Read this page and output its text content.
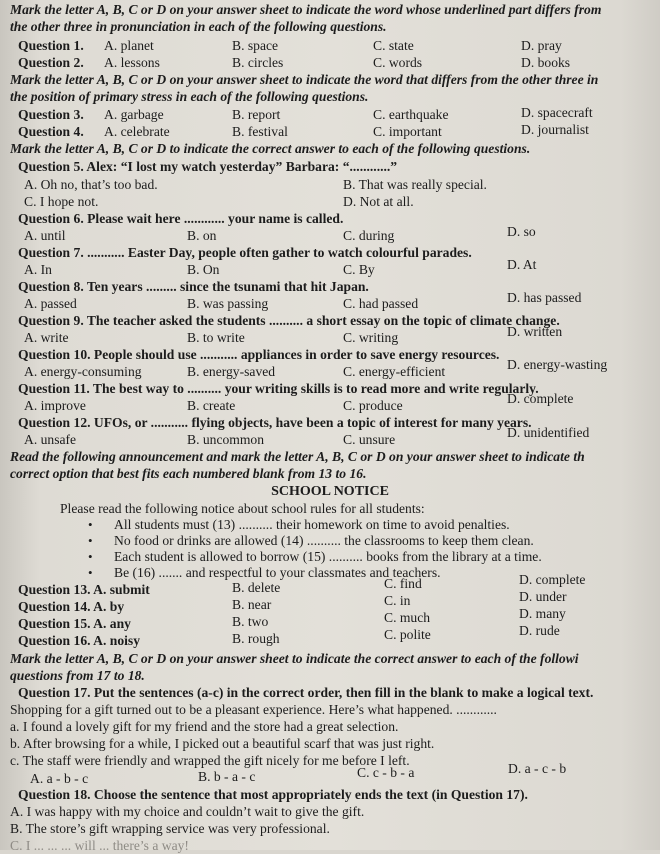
Mark the letter A, B, C or D on your answer sheet to indicate the word whose underlined part differs from
the other three in pronunciation in each of the following questions.
Question 1. A. planet	B. space	C. state	D. pray
Question 2. A. lessons	B. circles	C. words	D. books
Mark the letter A, B, C or D on your answer sheet to indicate the word that differs from the other three in
the position of primary stress in each of the following questions.
Question 3. A. garbage	B. report	C. earthquake	D. spacecraft
Question 4. A. celebrate	B. festival	C. important	D. journalist
Mark the letter A, B, C or D to indicate the correct answer to each of the following questions.
Question 5. Alex: “I lost my watch yesterday” Barbara: “............”
A. Oh no, that’s too bad.	B. That was really special.
C. I hope not.	D. Not at all.
Question 6. Please wait here ............ your name is called.
A. until	B. on	C. during	D. so
Question 7. ........... Easter Day, people often gather to watch colourful parades.
A. In	B. On	C. By	D. At
Question 8. Ten years ......... since the tsunami that hit Japan.
A. passed	B. was passing	C. had passed	D. has passed
Question 9. The teacher asked the students .......... a short essay on the topic of climate change.
A. write	B. to write	C. writing	D. written
Question 10. People should use ........... appliances in order to save energy resources.
A. energy-consuming	B. energy-saved	C. energy-efficient	D. energy-wasting
Question 11. The best way to .......... your writing skills is to read more and write regularly.
A. improve	B. create	C. produce	D. complete
Question 12. UFOs, or ........... flying objects, have been a topic of interest for many years.
A. unsafe	B. uncommon	C. unsure	D. unidentified
Read the following announcement and mark the letter A, B, C or D on your answer sheet to indicate th
correct option that best fits each numbered blank from 13 to 16.
SCHOOL NOTICE
Please read the following notice about school rules for all students:
• All students must (13) .......... their homework on time to avoid penalties.
• No food or drinks are allowed (14) .......... the classrooms to keep them clean.
• Each student is allowed to borrow (15) .......... books from the library at a time.
• Be (16) ....... and respectful to your classmates and teachers.
Question 13. A. submit	B. delete	C. find	D. complete
Question 14. A. by	B. near	C. in	D. under
Question 15. A. any	B. two	C. much	D. many
Question 16. A. noisy	B. rough	C. polite	D. rude
Mark the letter A, B, C or D on your answer sheet to indicate the correct answer to each of the followi
questions from 17 to 18.
Question 17. Put the sentences (a-c) in the correct order, then fill in the blank to make a logical text.
Shopping for a gift turned out to be a pleasant experience. Here’s what happened. ............
a. I found a lovely gift for my friend and the store had a great selection.
b. After browsing for a while, I picked out a beautiful scarf that was just right.
c. The staff were friendly and wrapped the gift nicely for me before I left.
A. a - b - c	B. b - a - c	C. c - b - a	D. a - c - b
Question 18. Choose the sentence that most appropriately ends the text (in Question 17).
A. I was happy with my choice and couldn’t wait to give the gift.
B. The store’s gift wrapping service was very professional.
C. I ... ... ... will ... there’s a way!
